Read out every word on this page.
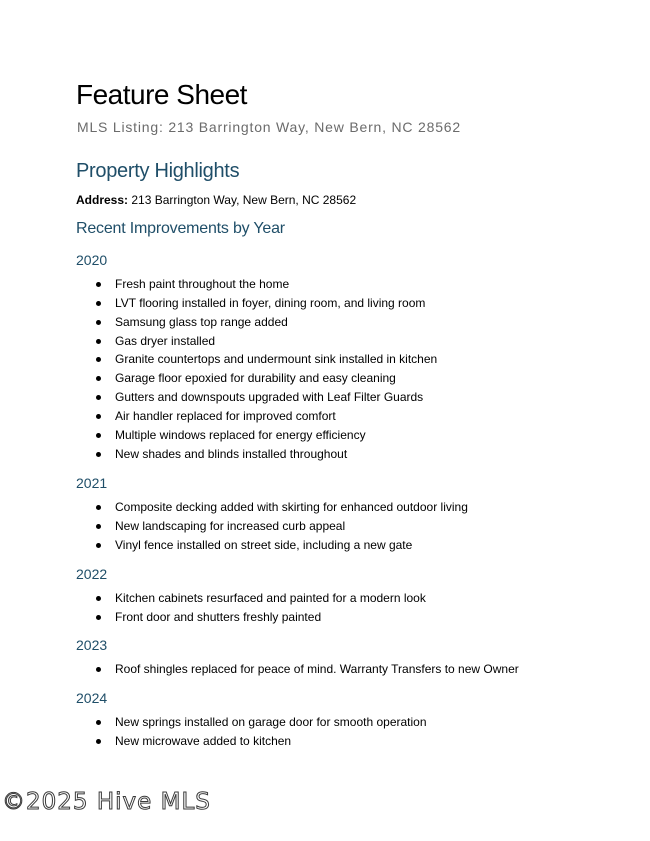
Feature Sheet

MLS Listing: 213 Barrington Way, New Bern, NC 28562

Property Highlights

Address: 213 Barrington Way, New Bern, NC 28562

Recent Improvements by Year
2020
Fresh paint throughout the home
LVT flooring installed in foyer, dining room, and living room
Samsung glass top range added
Gas dryer installed
Granite countertops and undermount sink installed in kitchen
Garage floor epoxied for durability and easy cleaning
Gutters and downspouts upgraded with Leaf Filter Guards
Air handler replaced for improved comfort
Multiple windows replaced for energy efficiency
New shades and blinds installed throughout
2021
Composite decking added with skirting for enhanced outdoor living
New landscaping for increased curb appeal
Vinyl fence installed on street side, including a new gate
2022
Kitchen cabinets resurfaced and painted for a modern look
Front door and shutters freshly painted
2023
Roof shingles replaced for peace of mind. Warranty Transfers to new Owner
2024
New springs installed on garage door for smooth operation
New microwave added to kitchen
©2025 Hive MLS
